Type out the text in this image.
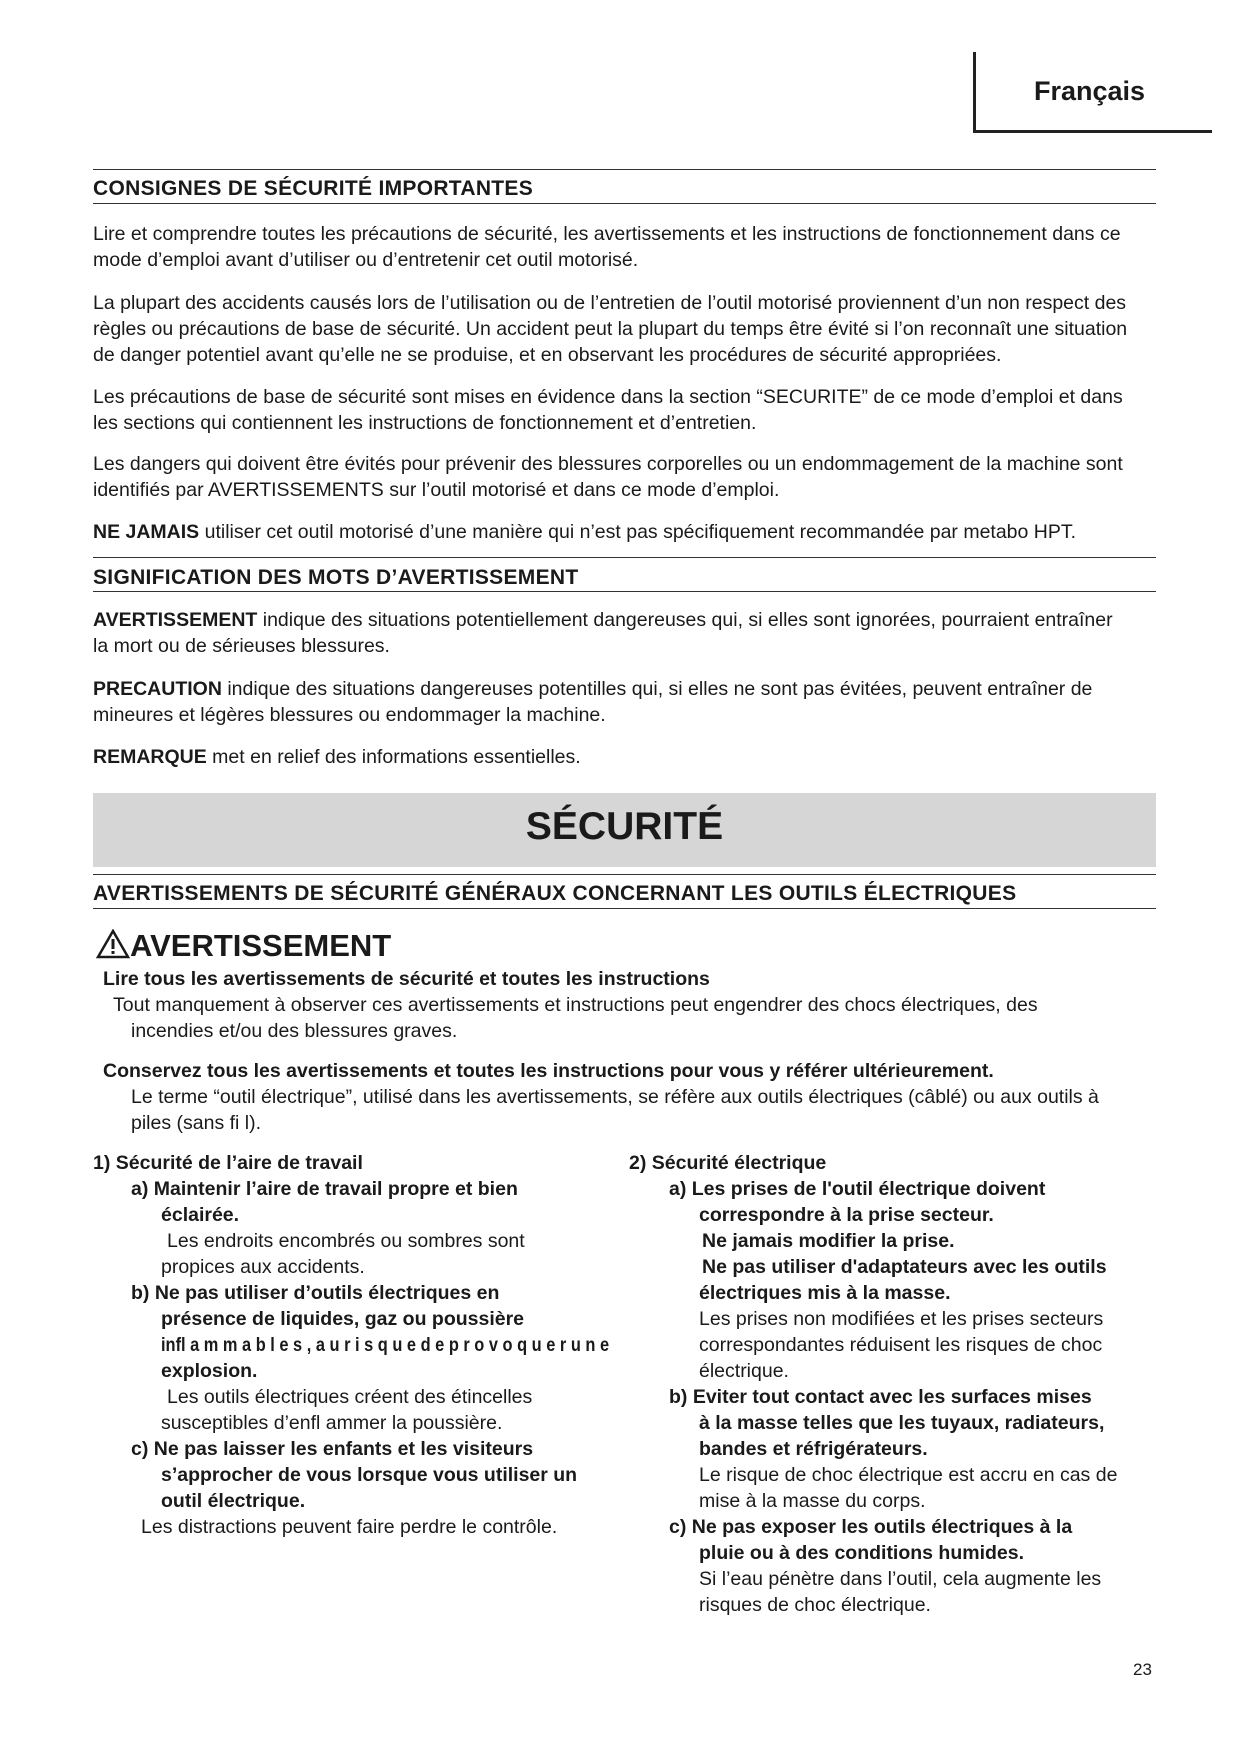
Français
CONSIGNES DE SÉCURITÉ IMPORTANTES

Lire et comprendre toutes les précautions de sécurité, les avertissements et les instructions de fonctionnement dans ce

mode d’emploi avant d’utiliser ou d’entretenir cet outil motorisé.

La plupart des accidents causés lors de l’utilisation ou de l’entretien de l’outil motorisé proviennent d’un non respect des

règles ou précautions de base de sécurité. Un accident peut la plupart du temps être évité si l’on reconnaît une situation

de danger potentiel avant qu’elle ne se produise, et en observant les procédures de sécurité appropriées.

Les précautions de base de sécurité sont mises en évidence dans la section “SECURITE” de ce mode d’emploi et dans

les sections qui contiennent les instructions de fonctionnement et d’entretien.

Les dangers qui doivent être évités pour prévenir des blessures corporelles ou un endommagement de la machine sont

identifiés par AVERTISSEMENTS sur l’outil motorisé et dans ce mode d’emploi.

NE JAMAIS utiliser cet outil motorisé d’une manière qui n’est pas spécifiquement recommandée par metabo HPT.

SIGNIFICATION DES MOTS D’AVERTISSEMENT

AVERTISSEMENT indique des situations potentiellement dangereuses qui, si elles sont ignorées, pourraient entraîner

la mort ou de sérieuses blessures.

PRECAUTION indique des situations dangereuses potentilles qui, si elles ne sont pas évitées, peuvent entraîner de

mineures et légères blessures ou endommager la machine.

REMARQUE met en relief des informations essentielles.

SÉCURITÉ
AVERTISSEMENTS DE SÉCURITÉ GÉNÉRAUX CONCERNANT LES OUTILS ÉLECTRIQUES
AVERTISSEMENT

Lire tous les avertissements de sécurité et toutes les instructions

Tout manquement à observer ces avertissements et instructions peut engendrer des chocs électriques, des

incendies et/ou des blessures graves.

Conservez tous les avertissements et toutes les instructions pour vous y référer ultérieurement.

Le terme “outil électrique”, utilisé dans les avertissements, se réfère aux outils électriques (câblé) ou aux outils à

piles (sans fi l).

1) Sécurité de l’aire de travail

a) Maintenir l’aire de travail propre et bien

éclairée.

Les endroits encombrés ou sombres sont

propices aux accidents.

b) Ne pas utiliser d’outils électriques en

présence de liquides, gaz ou poussière

infl a m m a b l e s , a u r i s q u e d e p r o v o q u e r u n e

explosion.

Les outils électriques créent des étincelles

susceptibles d’enfl ammer la poussière.

c) Ne pas laisser les enfants et les visiteurs

s’approcher de vous lorsque vous utiliser un

outil électrique.

Les distractions peuvent faire perdre le contrôle.

2) Sécurité électrique

a) Les prises de l'outil électrique doivent

correspondre à la prise secteur.

Ne jamais modifier la prise.

Ne pas utiliser d'adaptateurs avec les outils

électriques mis à la masse.

Les prises non modifiées et les prises secteurs

correspondantes réduisent les risques de choc

électrique.

b) Eviter tout contact avec les surfaces mises

à la masse telles que les tuyaux, radiateurs,

bandes et réfrigérateurs.

Le risque de choc électrique est accru en cas de

mise à la masse du corps.

c) Ne pas exposer les outils électriques à la

pluie ou à des conditions humides.

Si l’eau pénètre dans l’outil, cela augmente les

risques de choc électrique.

23
